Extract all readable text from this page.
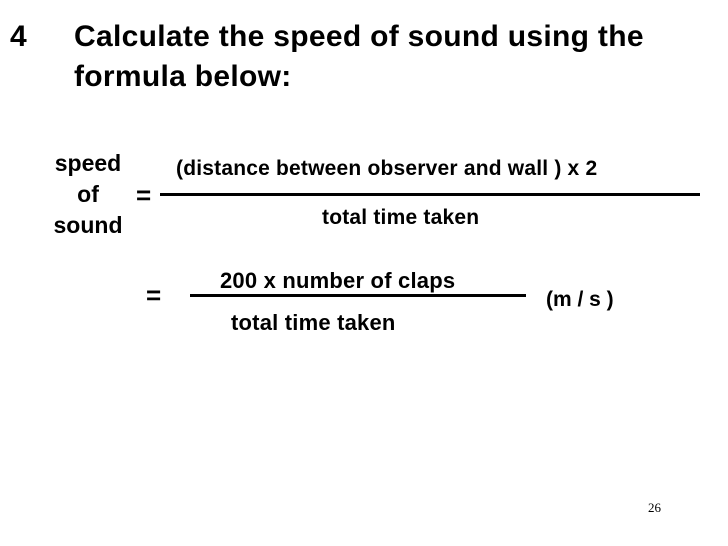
4 Calculate the speed of sound using the
formula below:
speed
of
sound
=
(distance between observer and wall ) x 2
total time taken
=	200 x number of claps
total time taken
(m / s )
26
